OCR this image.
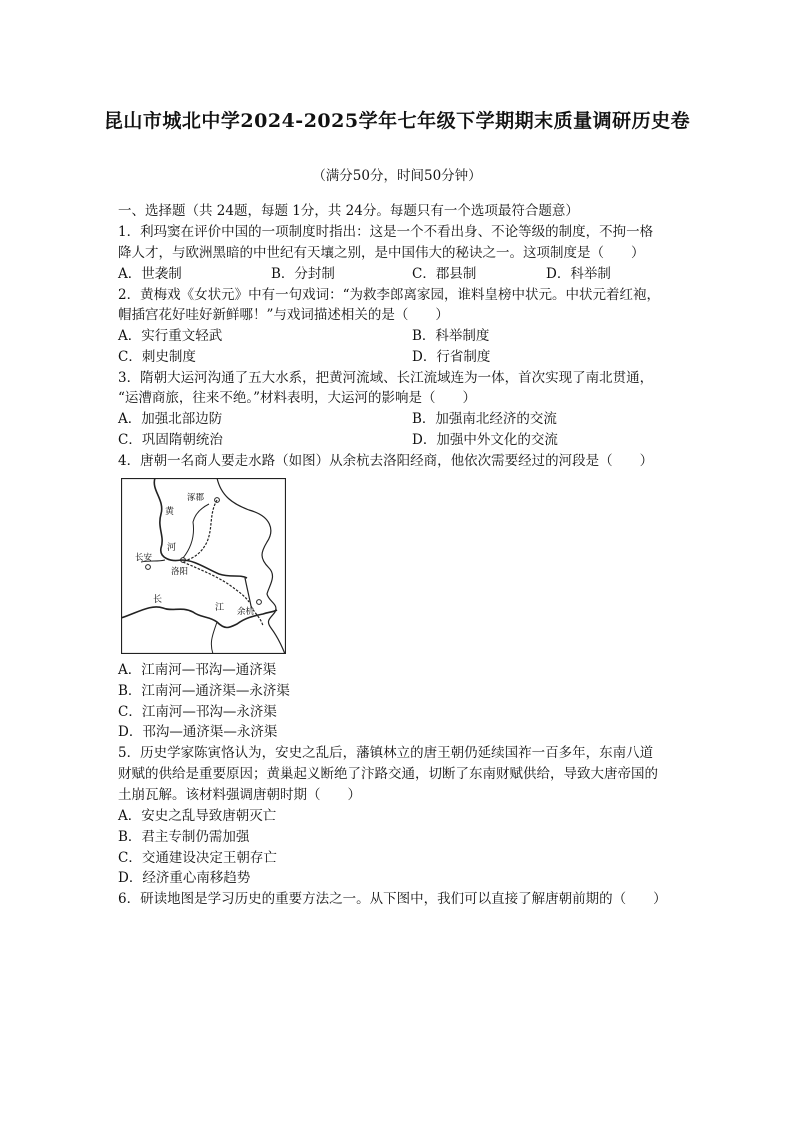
昆山市城北中学2024-2025学年七年级下学期期末质量调研历史卷
（满分50分，时间50分钟）
一、选择题（共 24题，每题 1分，共 24分。每题只有一个选项最符合题意）
1．利玛窦在评价中国的一项制度时指出：这是一个不看出身、不论等级的制度，不拘一格
降人才，与欧洲黑暗的中世纪有天壤之别，是中国伟大的秘诀之一。这项制度是（　　）
A．世袭制	B．分封制	C．郡县制	D．科举制
2．黄梅戏《女状元》中有一句戏词：“为救李郎离家园，谁料皇榜中状元。中状元着红袍，
帽插宫花好哇好新鲜哪！”与戏词描述相关的是（　　）
A．实行重文轻武	B．科举制度
C．刺史制度	D．行省制度
3．隋朝大运河沟通了五大水系，把黄河流域、长江流域连为一体，首次实现了南北贯通，
“运漕商旅，往来不绝。”材料表明，大运河的影响是（　　）
A．加强北部边防	B．加强南北经济的交流
C．巩固隋朝统治	D．加强中外文化的交流
4．唐朝一名商人要走水路（如图）从余杭去洛阳经商，他依次需要经过的河段是（　　）
涿郡
黄
河
长安
洛阳
长
江 余杭
A．江南河—邗沟—通济渠
B．江南河—通济渠—永济渠
C．江南河—邗沟—永济渠
D．邗沟—通济渠—永济渠
5．历史学家陈寅恪认为，安史之乱后，藩镇林立的唐王朝仍延续国祚一百多年，东南八道
财赋的供给是重要原因；黄巢起义断绝了汴路交通，切断了东南财赋供给，导致大唐帝国的
土崩瓦解。该材料强调唐朝时期（　　）
A．安史之乱导致唐朝灭亡
B．君主专制仍需加强
C．交通建设决定王朝存亡
D．经济重心南移趋势
6．研读地图是学习历史的重要方法之一。从下图中，我们可以直接了解唐朝前期的（　　）
